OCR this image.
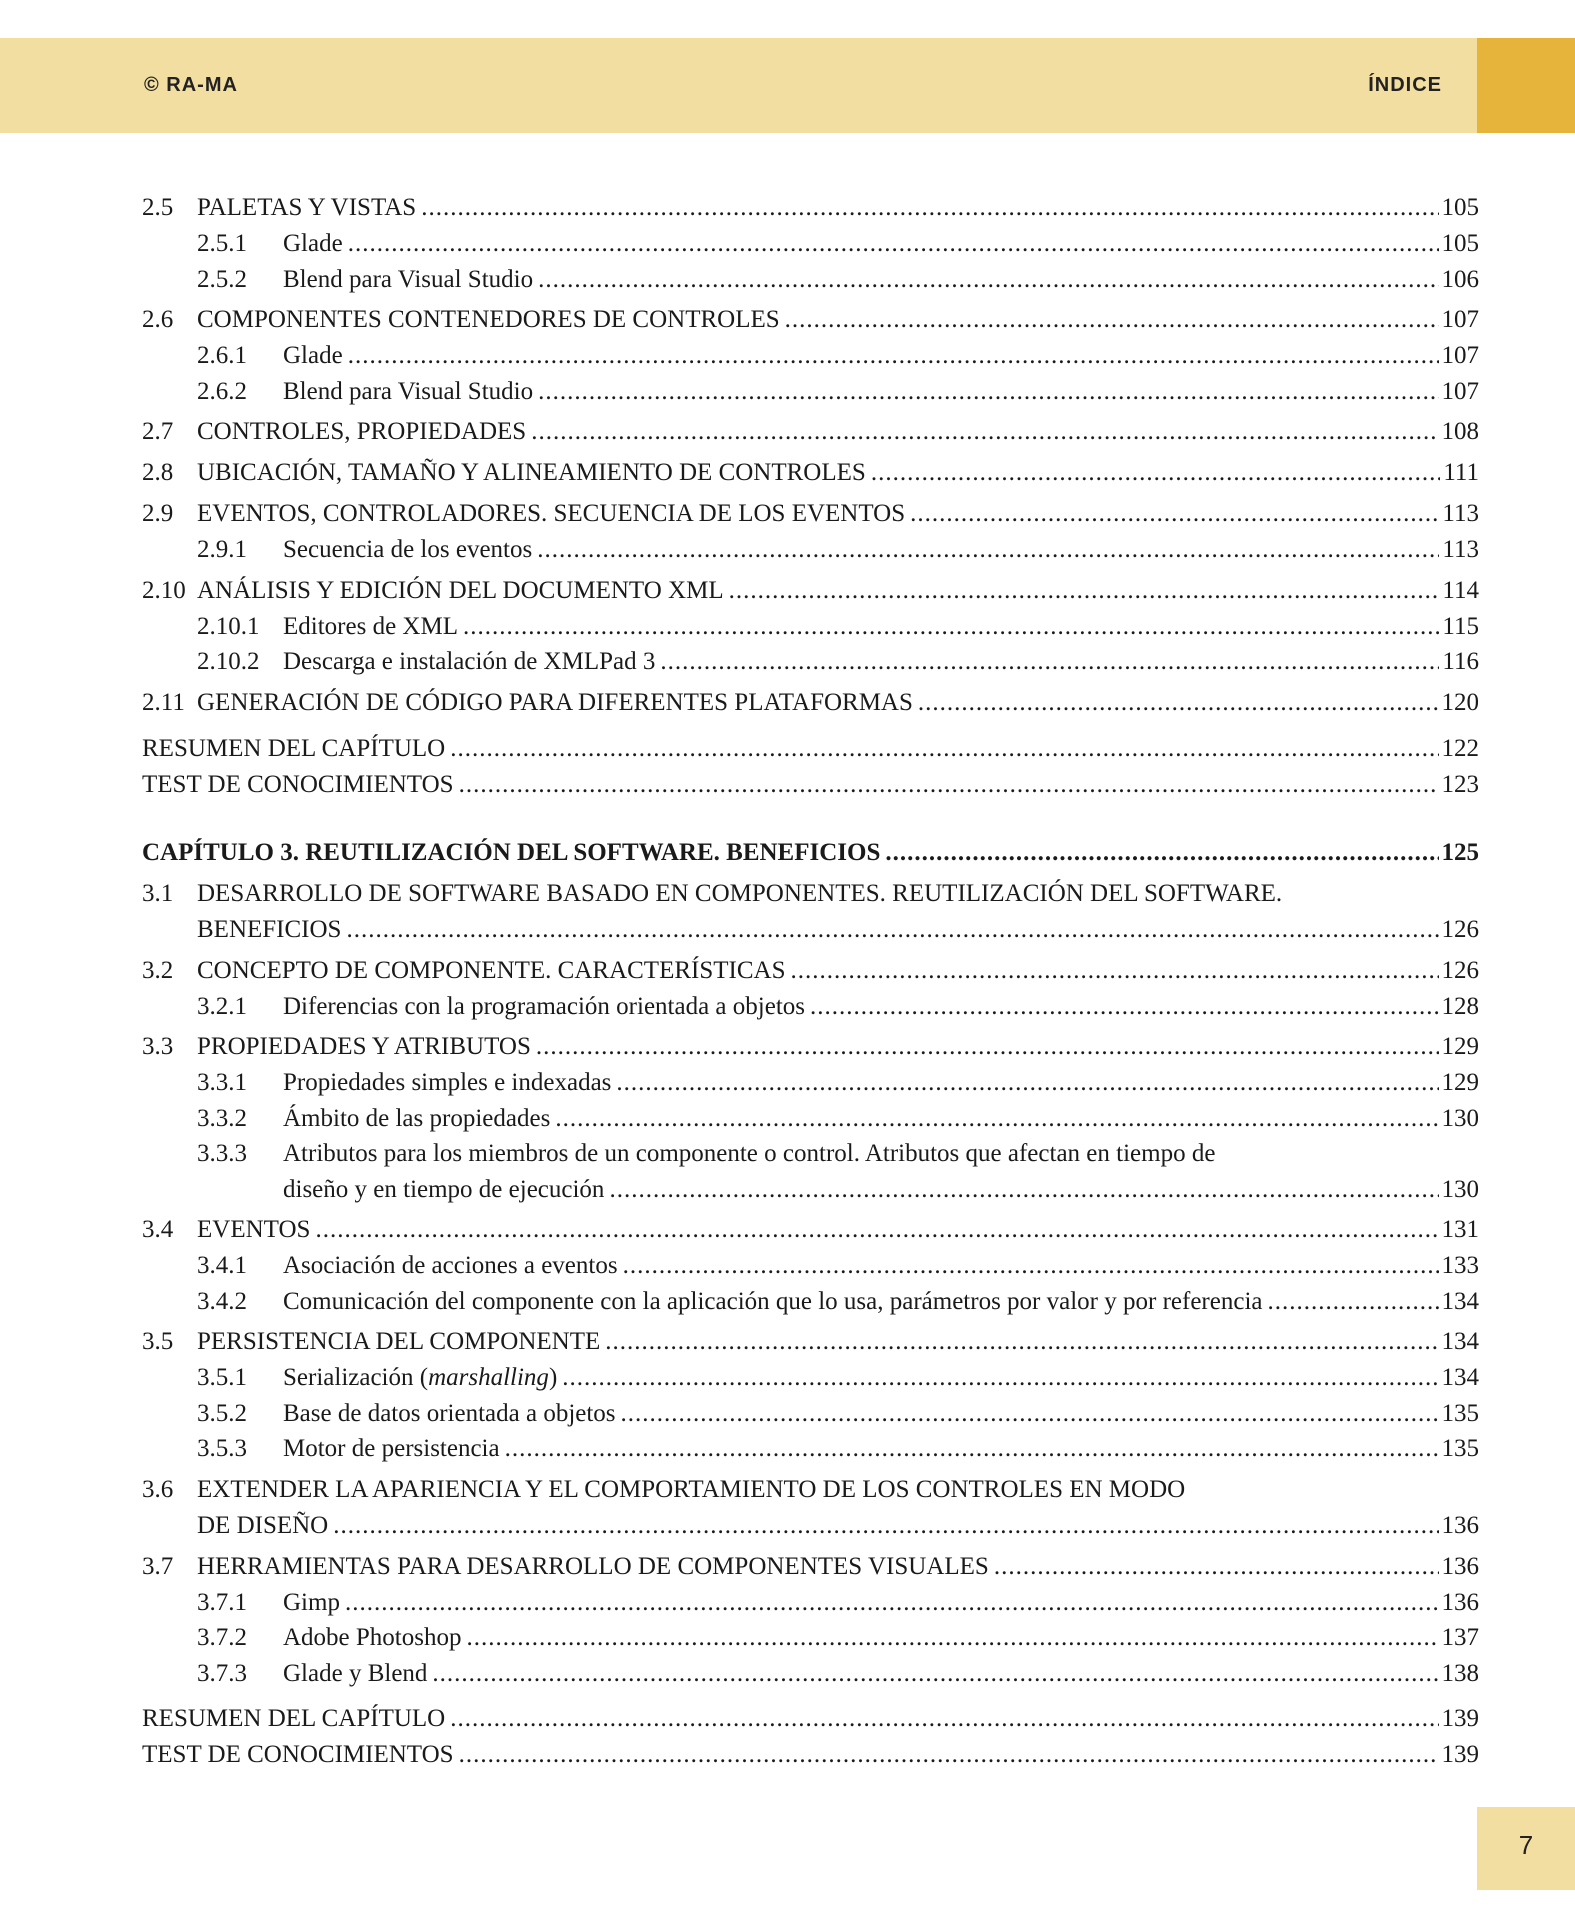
© RA-MA	ÍNDICE
2.5 PALETAS Y VISTAS .....	105
2.5.1 Glade .....	105
2.5.2 Blend para Visual Studio .....	106
2.6 COMPONENTES CONTENEDORES DE CONTROLES .....	107
2.6.1 Glade .....	107
2.6.2 Blend para Visual Studio .....	107
2.7 CONTROLES, PROPIEDADES .....	108
2.8 UBICACIÓN, TAMAÑO Y ALINEAMIENTO DE CONTROLES .....	111
2.9 EVENTOS, CONTROLADORES. SECUENCIA DE LOS EVENTOS .....	113
2.9.1 Secuencia de los eventos .....	113
2.10 ANÁLISIS Y EDICIÓN DEL DOCUMENTO XML .....	114
2.10.1 Editores de XML .....	115
2.10.2 Descarga e instalación de XMLPad 3 .....	116
2.11 GENERACIÓN DE CÓDIGO PARA DIFERENTES PLATAFORMAS .....	120
RESUMEN DEL CAPÍTULO .....	122
TEST DE CONOCIMIENTOS .....	123
CAPÍTULO 3. REUTILIZACIÓN DEL SOFTWARE. BENEFICIOS .....	125
3.1 DESARROLLO DE SOFTWARE BASADO EN COMPONENTES. REUTILIZACIÓN DEL SOFTWARE.
BENEFICIOS .....	126
3.2 CONCEPTO DE COMPONENTE. CARACTERÍSTICAS .....	126
3.2.1 Diferencias con la programación orientada a objetos .....	128
3.3 PROPIEDADES Y ATRIBUTOS .....	129
3.3.1 Propiedades simples e indexadas .....	129
3.3.2 Ámbito de las propiedades .....	130
3.3.3 Atributos para los miembros de un componente o control. Atributos que afectan en tiempo de
diseño y en tiempo de ejecución .....	130
3.4 EVENTOS .....	131
3.4.1 Asociación de acciones a eventos .....	133
3.4.2 Comunicación del componente con la aplicación que lo usa, parámetros por valor y por referencia .....	134
3.5 PERSISTENCIA DEL COMPONENTE .....	134
3.5.1 Serialización (marshalling) .....	134
3.5.2 Base de datos orientada a objetos .....	135
3.5.3 Motor de persistencia .....	135
3.6 EXTENDER LA APARIENCIA Y EL COMPORTAMIENTO DE LOS CONTROLES EN MODO
DE DISEÑO .....	136
3.7 HERRAMIENTAS PARA DESARROLLO DE COMPONENTES VISUALES .....	136
3.7.1 Gimp .....	136
3.7.2 Adobe Photoshop .....	137
3.7.3 Glade y Blend .....	138
RESUMEN DEL CAPÍTULO .....	139
TEST DE CONOCIMIENTOS .....	139
7
